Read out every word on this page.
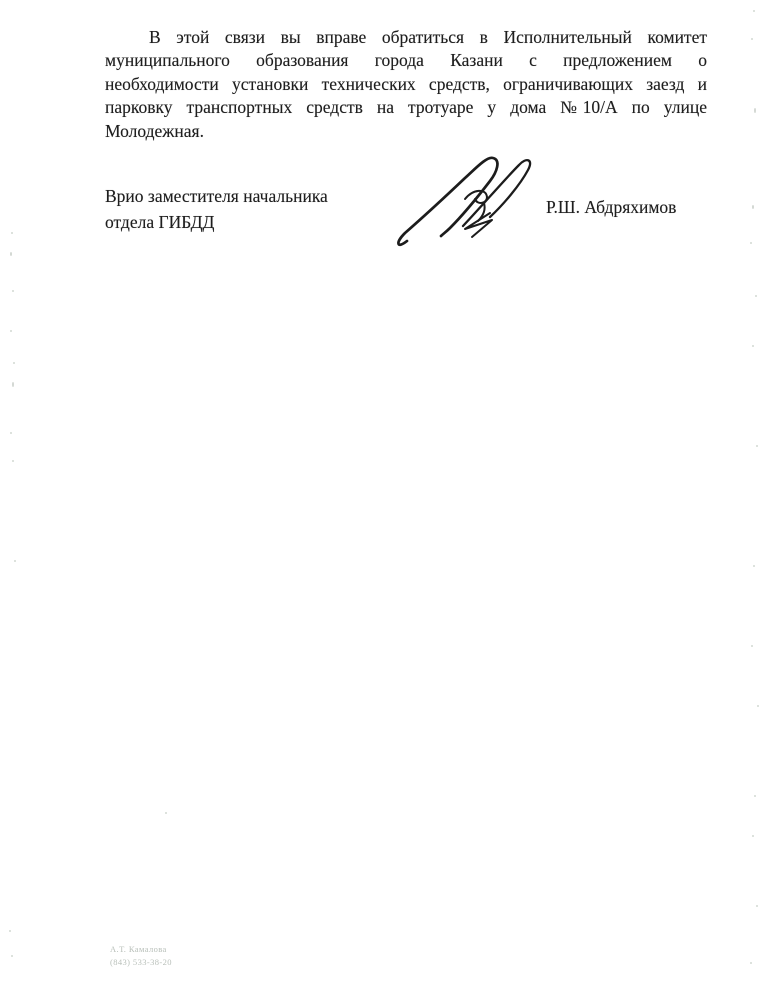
В этой связи вы вправе обратиться в Исполнительный комитет муниципального образования города Казани с предложением о необходимости установки технических средств, ограничивающих заезд и парковку транспортных средств на тротуаре у дома №10/А по улице Молодежная.

Врио заместителя начальника
отдела ГИБДД
Р.Ш. Абдряхимов
А.Т. Камалова
(843) 533-38-20
